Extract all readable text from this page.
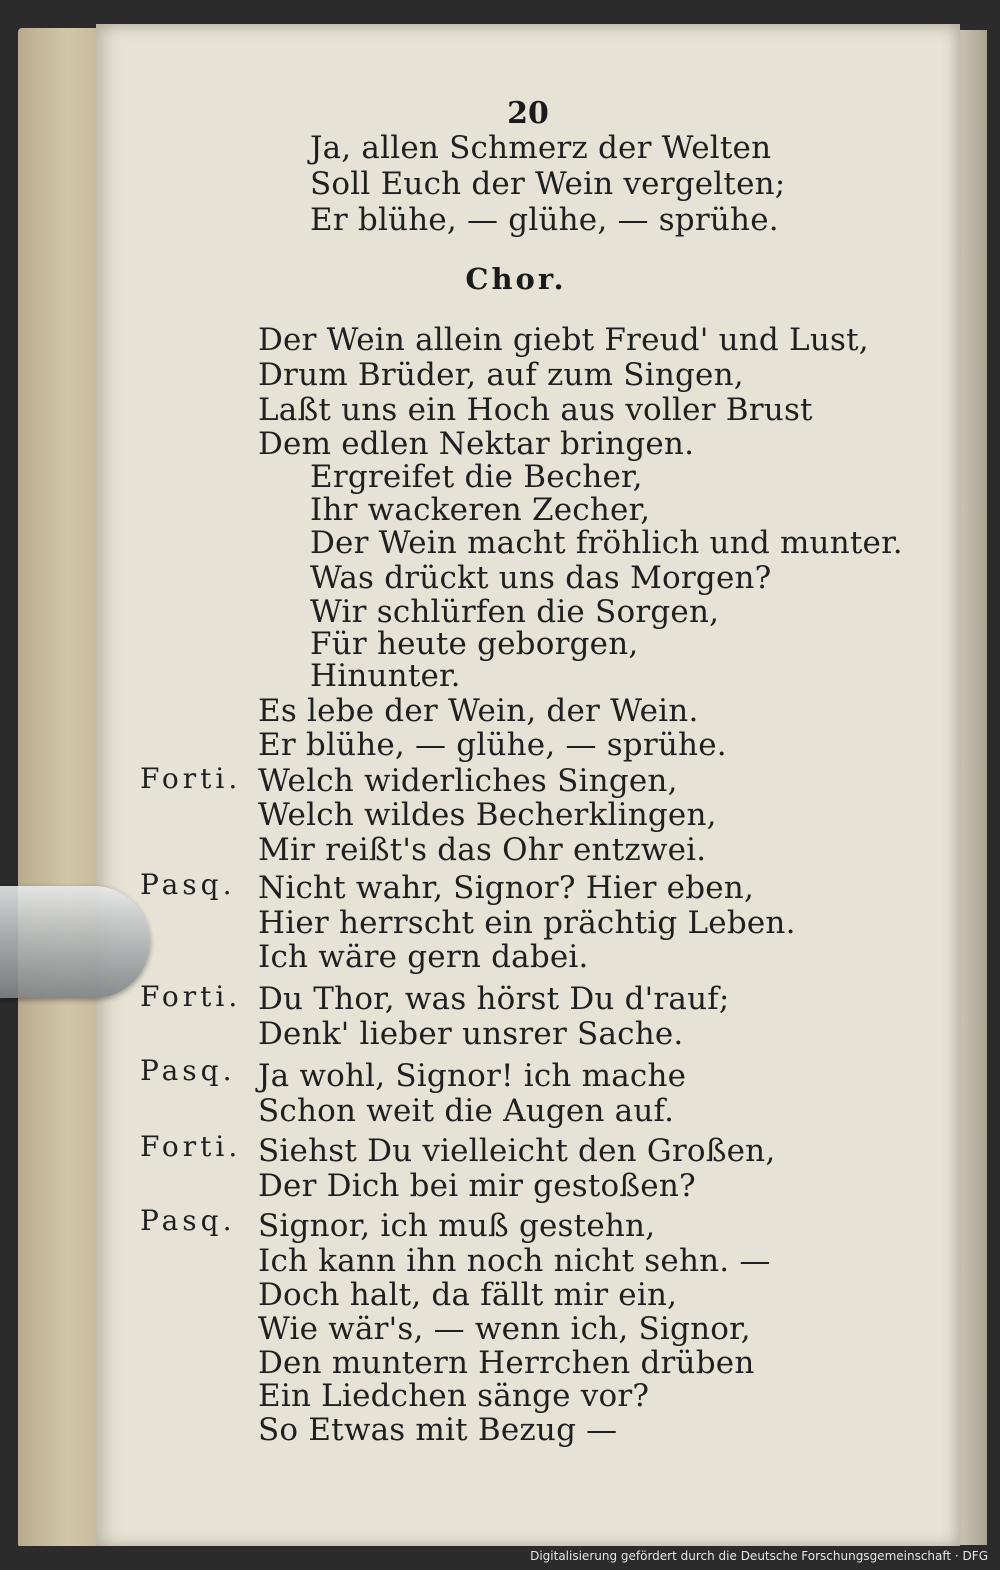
20
Ja, allen Schmerz der Welten
Soll Euch der Wein vergelten;
Er blühe, — glühe, — sprühe.
Chor.
Der Wein allein giebt Freud' und Lust,
Drum Brüder, auf zum Singen,
Laßt uns ein Hoch aus voller Brust
Dem edlen Nektar bringen.
Ergreifet die Becher,
Ihr wackeren Zecher,
Der Wein macht fröhlich und munter.
Was drückt uns das Morgen?
Wir schlürfen die Sorgen,
Für heute geborgen,
Hinunter.
Es lebe der Wein, der Wein.
Er blühe, — glühe, — sprühe.
Forti. Welch widerliches Singen,
Welch wildes Becherklingen,
Mir reißt's das Ohr entzwei.
Pasq. Nicht wahr, Signor? Hier eben,
Hier herrscht ein prächtig Leben.
Ich wäre gern dabei.
Forti. Du Thor, was hörst Du d'rauf;
Denk' lieber unsrer Sache.
Pasq. Ja wohl, Signor! ich mache
Schon weit die Augen auf.
Forti. Siehst Du vielleicht den Großen,
Der Dich bei mir gestoßen?
Pasq. Signor, ich muß gestehn,
Ich kann ihn noch nicht sehn. —
Doch halt, da fällt mir ein,
Wie wär's, — wenn ich, Signor,
Den muntern Herrchen drüben
Ein Liedchen sänge vor?
So Etwas mit Bezug —
Digitalisierung gefördert durch die Deutsche Forschungsgemeinschaft · DFG
